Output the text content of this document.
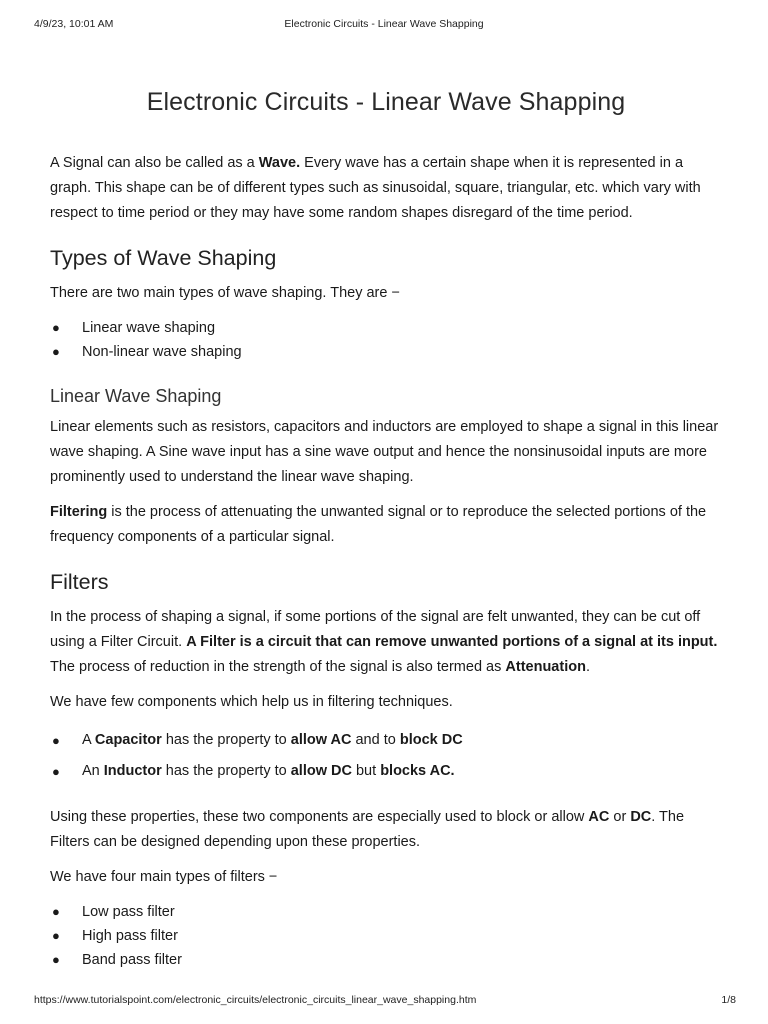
4/9/23, 10:01 AM	Electronic Circuits - Linear Wave Shapping
Electronic Circuits - Linear Wave Shapping

A Signal can also be called as a Wave. Every wave has a certain shape when it is represented in a graph. This shape can be of different types such as sinusoidal, square, triangular, etc. which vary with respect to time period or they may have some random shapes disregard of the time period.

Types of Wave Shaping

There are two main types of wave shaping. They are −

● Linear wave shaping
● Non-linear wave shaping
Linear Wave Shaping

Linear elements such as resistors, capacitors and inductors are employed to shape a signal in this linear wave shaping. A Sine wave input has a sine wave output and hence the nonsinusoidal inputs are more prominently used to understand the linear wave shaping.

Filtering is the process of attenuating the unwanted signal or to reproduce the selected portions of the frequency components of a particular signal.

Filters

In the process of shaping a signal, if some portions of the signal are felt unwanted, they can be cut off using a Filter Circuit. A Filter is a circuit that can remove unwanted portions of a signal at its input. The process of reduction in the strength of the signal is also termed as Attenuation.

We have few components which help us in filtering techniques.

● A Capacitor has the property to allow AC and to block DC
● An Inductor has the property to allow DC but blocks AC.

Using these properties, these two components are especially used to block or allow AC or DC. The Filters can be designed depending upon these properties.

We have four main types of filters −

● Low pass filter
● High pass filter
● Band pass filter
https://www.tutorialspoint.com/electronic_circuits/electronic_circuits_linear_wave_shapping.htm	1/8
